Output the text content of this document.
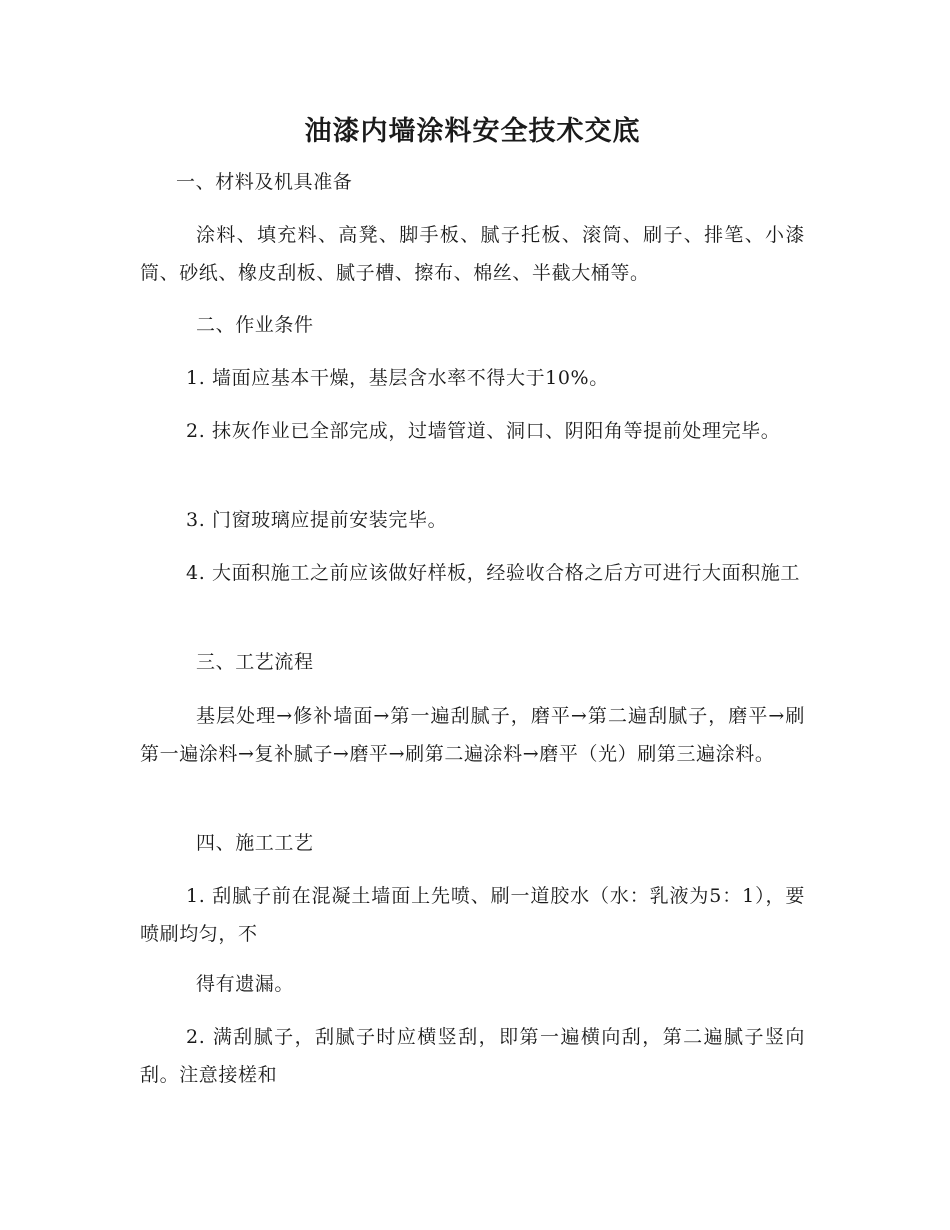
油漆内墙涂料安全技术交底

一、材料及机具准备

涂料、填充料、高凳、脚手板、腻子托板、滚筒、刷子、排笔、小漆筒、砂纸、橡皮刮板、腻子槽、擦布、棉丝、半截大桶等。

二、作业条件

1. 墙面应基本干燥，基层含水率不得大于10%。

2. 抹灰作业已全部完成，过墙管道、洞口、阴阳角等提前处理完毕。

3. 门窗玻璃应提前安装完毕。

4. 大面积施工之前应该做好样板，经验收合格之后方可进行大面积施工

三、工艺流程

基层处理→修补墙面→第一遍刮腻子，磨平→第二遍刮腻子，磨平→刷第一遍涂料→复补腻子→磨平→刷第二遍涂料→磨平（光）刷第三遍涂料。

四、施工工艺

1. 刮腻子前在混凝土墙面上先喷、刷一道胶水（水：乳液为5：1），要喷刷均匀，不

得有遗漏。

2. 满刮腻子，刮腻子时应横竖刮，即第一遍横向刮，第二遍腻子竖向刮。注意接槎和
